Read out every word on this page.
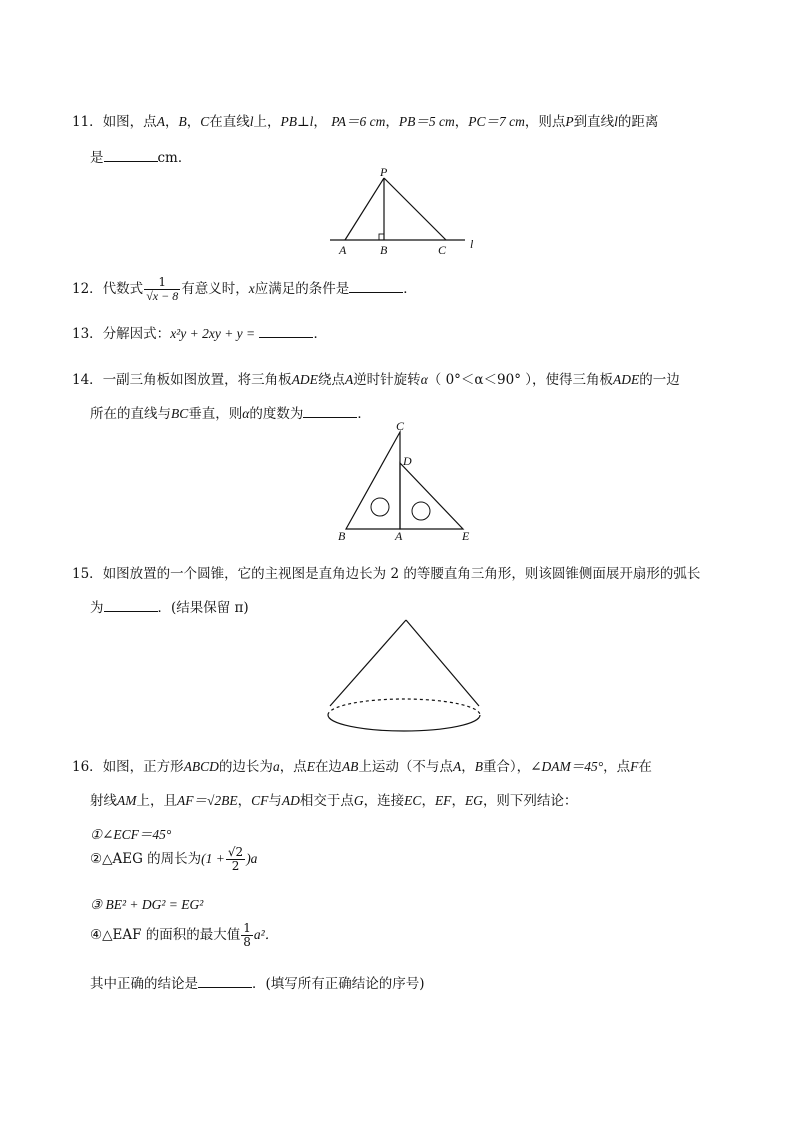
11．如图，点A，B，C在直线l上，PB⊥l， PA＝6 cm，PB＝5 cm，PC＝7 cm，则点P到直线l的距离
是	cm．
P
A	B	C l
12．代数式 $\frac{1}{√x - 8}$ 有意义时，x应满足的条件是	．
13．分解因式：x²y + 2xy + y =	．
14．一副三角板如图放置，将三角板ADE绕点A逆时针旋转α（ 0°＜α＜90° ），使得三角板ADE的一边
所在的直线与BC垂直，则α的度数为	．
C
D
B	A	E
15．如图放置的一个圆锥，它的主视图是直角边长为 2 的等腰直角三角形，则该圆锥侧面展开扇形的弧长
为	．(结果保留 π)
16．如图，正方形ABCD的边长为a，点E在边AB上运动（不与点A，B重合），∠DAM＝45°，点F在
射线AM上，且AF＝√2BE，CF与AD相交于点G，连接EC，EF，EG，则下列结论：
①∠ECF＝45°
②△AEG 的周长为$(1 + \frac{√2}{2} )a$
③ BE² + DG² = EG²
④△EAF 的面积的最大值 $\frac{1}{8} a^2$．
其中正确的结论是	．(填写所有正确结论的序号)
